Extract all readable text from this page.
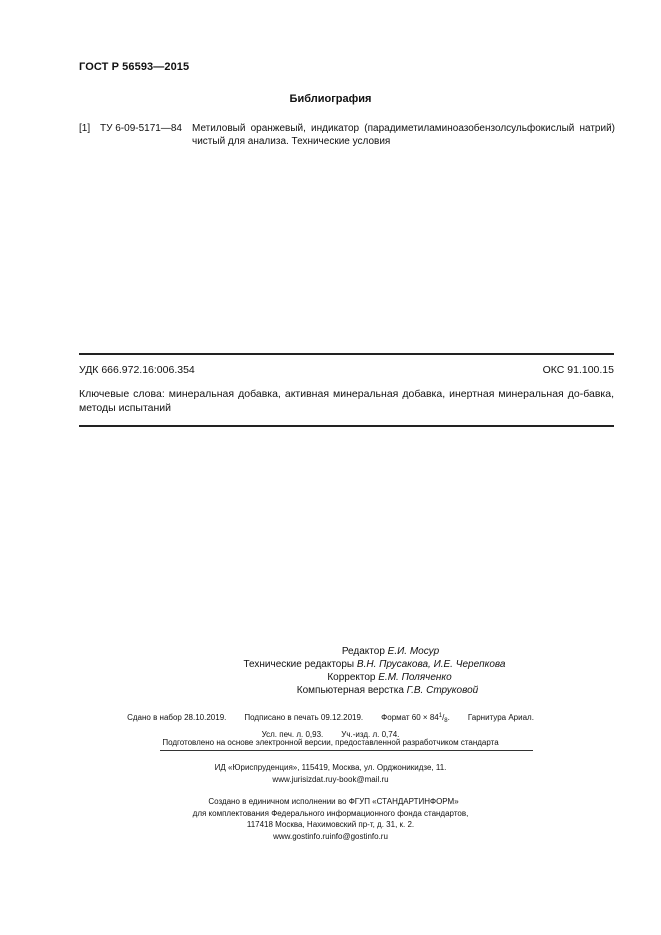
ГОСТ Р 56593—2015
Библиография
[1] ТУ 6-09-5171—84 Метиловый оранжевый, индикатор (парадиметиламиноазобензолсульфокислый натрий) чистый для анализа. Технические условия
УДК 666.972.16:006.354	ОКС 91.100.15
Ключевые слова: минеральная добавка, активная минеральная добавка, инертная минеральная до-бавка, методы испытаний
Редактор Е.И. Мосур
Технические редакторы В.Н. Прусакова, И.Е. Черепкова
Корректор Е.М. Поляченко
Компьютерная верстка Г.В. Струковой
Сдано в набор 28.10.2019. Подписано в печать 09.12.2019. Формат $60 \times 84^1/_8$. Гарнитура Ариал.
Усл. печ. л. 0,93. Уч.-изд. л. 0,74.
Подготовлено на основе электронной версии, предоставленной разработчиком стандарта
ИД «Юриспруденция», 115419, Москва, ул. Орджоникидзе, 11.
www.jurisizdat.ruy-book@mail.ru
Создано в единичном исполнении во ФГУП «СТАНДАРТИНФОРМ»
для комплектования Федерального информационного фонда стандартов,
117418 Москва, Нахимовский пр-т, д. 31, к. 2.
www.gostinfo.ruinfo@gostinfo.ru
